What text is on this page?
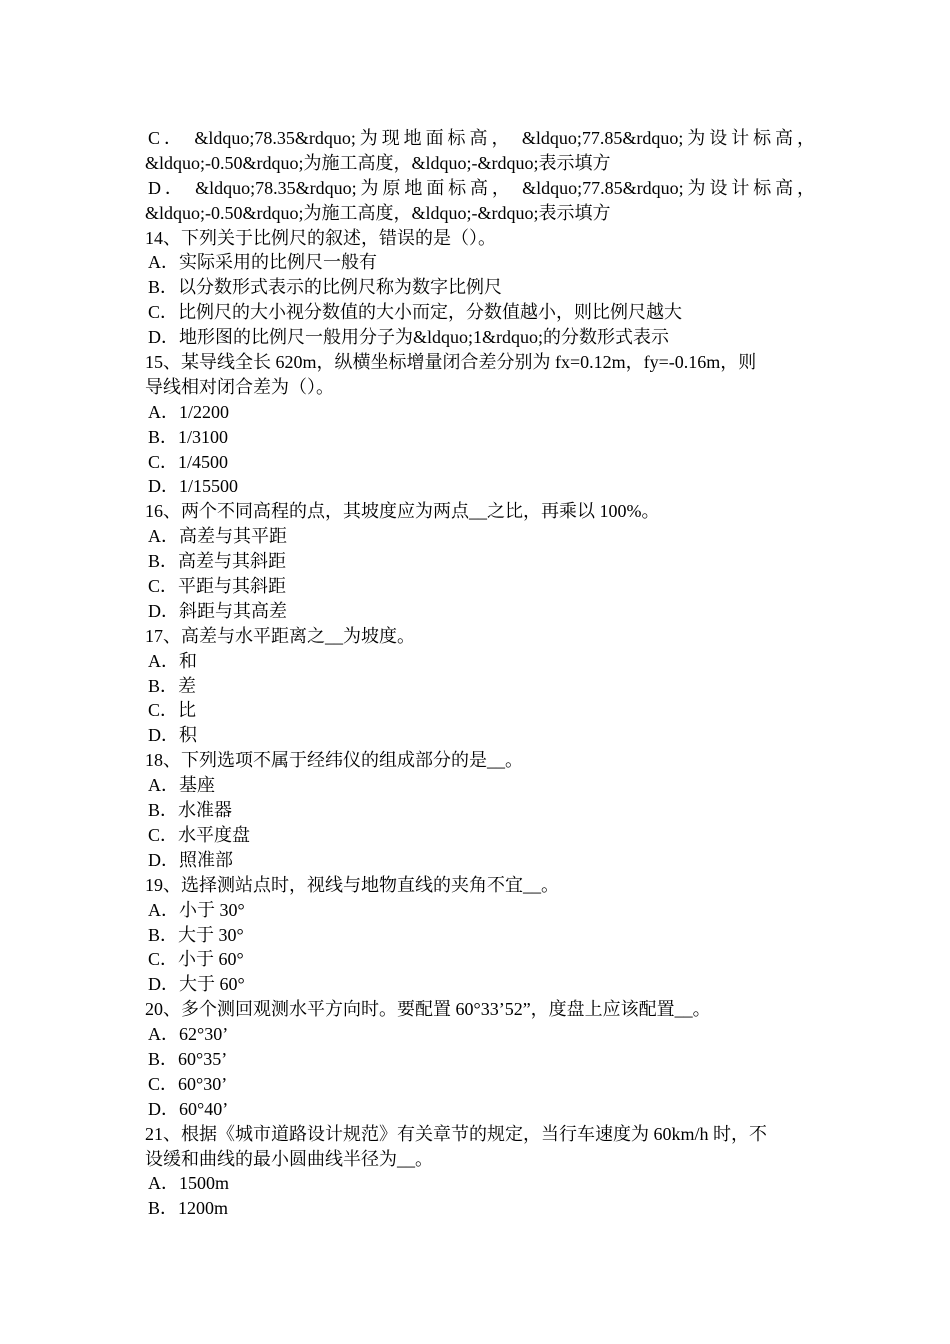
C． &ldquo;78.35&rdquo;为现地面标高， &ldquo;77.85&rdquo;为设计标高，
&ldquo;-0.50&rdquo;为施工高度，&ldquo;-&rdquo;表示填方
D． &ldquo;78.35&rdquo;为原地面标高， &ldquo;77.85&rdquo;为设计标高，
&ldquo;-0.50&rdquo;为施工高度，&ldquo;-&rdquo;表示填方
14、下列关于比例尺的叙述，错误的是（）。
A．实际采用的比例尺一般有
B．以分数形式表示的比例尺称为数字比例尺
C．比例尺的大小视分数值的大小而定，分数值越小，则比例尺越大
D．地形图的比例尺一般用分子为&ldquo;1&rdquo;的分数形式表示
15、某导线全长 620m，纵横坐标增量闭合差分别为 fx=0.12m，fy=-0.16m，则
导线相对闭合差为（）。
A．1/2200
B．1/3100
C．1/4500
D．1/15500
16、两个不同高程的点，其坡度应为两点__之比，再乘以 100%。
A．高差与其平距
B．高差与其斜距
C．平距与其斜距
D．斜距与其高差
17、高差与水平距离之__为坡度。
A．和
B．差
C．比
D．积
18、下列选项不属于经纬仪的组成部分的是__。
A．基座
B．水准器
C．水平度盘
D．照准部
19、选择测站点时，视线与地物直线的夹角不宜__。
A．小于 30°
B．大于 30°
C．小于 60°
D．大于 60°
20、多个测回观测水平方向时。要配置 60°33’52”，度盘上应该配置__。
A．62°30’
B．60°35’
C．60°30’
D．60°40’
21、根据《城市道路设计规范》有关章节的规定，当行车速度为 60km/h 时，不
设缓和曲线的最小圆曲线半径为__。
A．1500m
B．1200m
